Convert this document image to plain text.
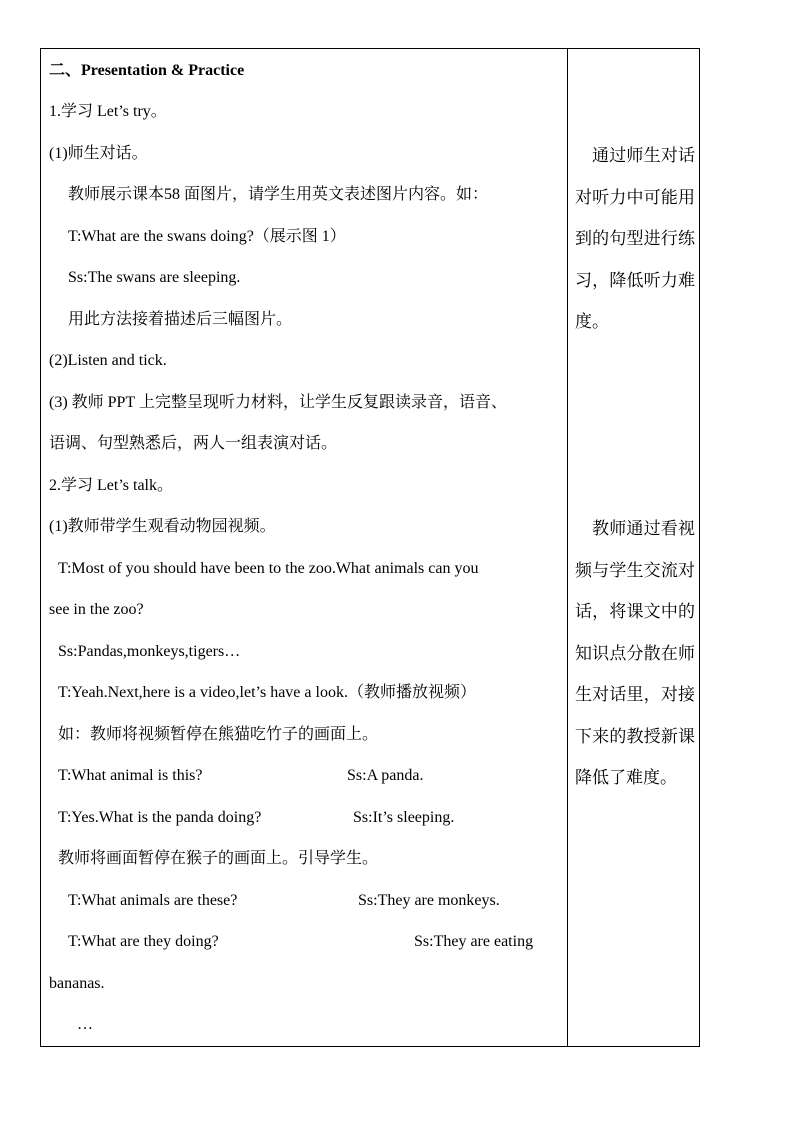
二、Presentation & Practice
1.学习 Let’s try。
(1)师生对话。
教师展示课本58 面图片，请学生用英文表述图片内容。如：
T:What are the swans doing?（展示图 1）
Ss:The swans are sleeping.
用此方法接着描述后三幅图片。
(2)Listen and tick.
(3) 教师 PPT 上完整呈现听力材料，让学生反复跟读录音，语音、
语调、句型熟悉后，两人一组表演对话。
2.学习 Let’s talk。
(1)教师带学生观看动物园视频。
T:Most of you should have been to the zoo.What animals can you
see in the zoo?
Ss:Pandas,monkeys,tigers…
T:Yeah.Next,here is a video,let’s have a look.（教师播放视频）
如：教师将视频暂停在熊猫吃竹子的画面上。
T:What animal is this?	Ss:A panda.
T:Yes.What is the panda doing?	Ss:It’s sleeping.
教师将画面暂停在猴子的画面上。引导学生。
T:What animals are these?	Ss:They are monkeys.
T:What are they doing?	Ss:They are eating
bananas.
…
通过师生对话对听力中可能用到的句型进行练习，降低听力难度。
教师通过看视频与学生交流对话，将课文中的知识点分散在师生对话里，对接下来的教授新课降低了难度。
